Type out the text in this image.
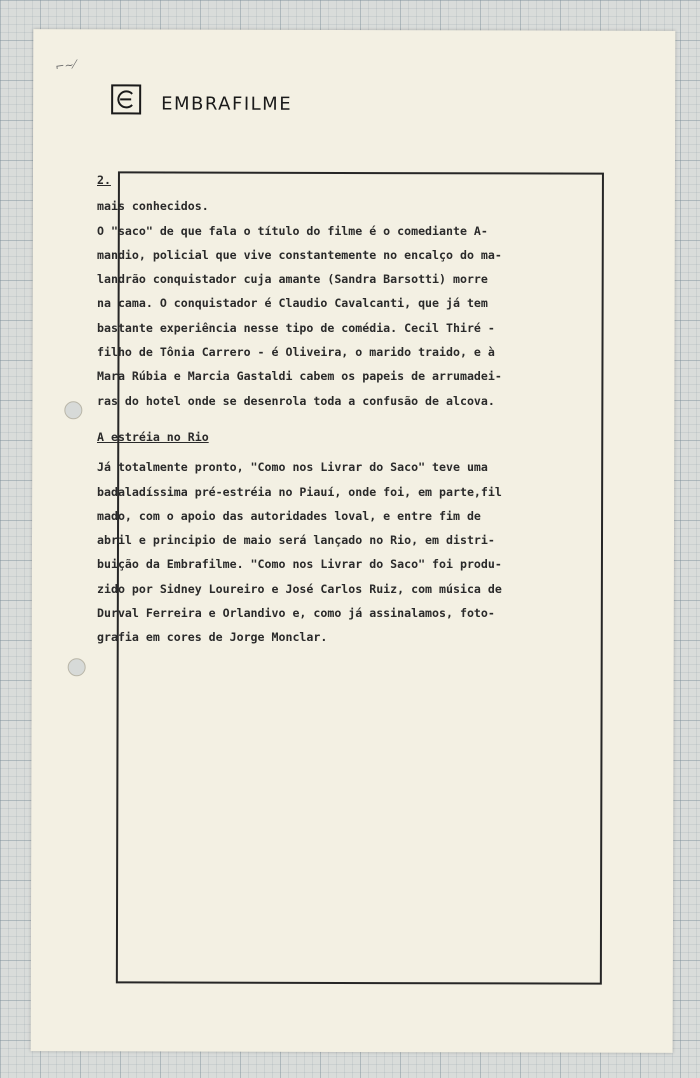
⌐∼⁄
EMBRAFILME
2.
mais conhecidos.
O "saco" de que fala o título do filme é o comediante A-
mandio, policial que vive constantemente no encalço do ma-
landrão conquistador cuja amante (Sandra Barsotti) morre
na cama. O conquistador é Claudio Cavalcanti, que já tem
bastante experiência nesse tipo de comédia. Cecil Thiré -
filho de Tônia Carrero - é Oliveira, o marido traido, e à
Mara Rúbia e Marcia Gastaldi cabem os papeis de arrumadei-
ras do hotel onde se desenrola toda a confusão de alcova.
A estréia no Rio
Já totalmente pronto, "Como nos Livrar do Saco" teve uma
badaladíssima pré-estréia no Piauí, onde foi, em parte,fil
mado, com o apoio das autoridades loval, e entre fim de
abril e principio de maio será lançado no Rio, em distri-
buição da Embrafilme. "Como nos Livrar do Saco" foi produ-
zido por Sidney Loureiro e José Carlos Ruiz, com música de
Durval Ferreira e Orlandivo e, como já assinalamos, foto-
grafia em cores de Jorge Monclar.
